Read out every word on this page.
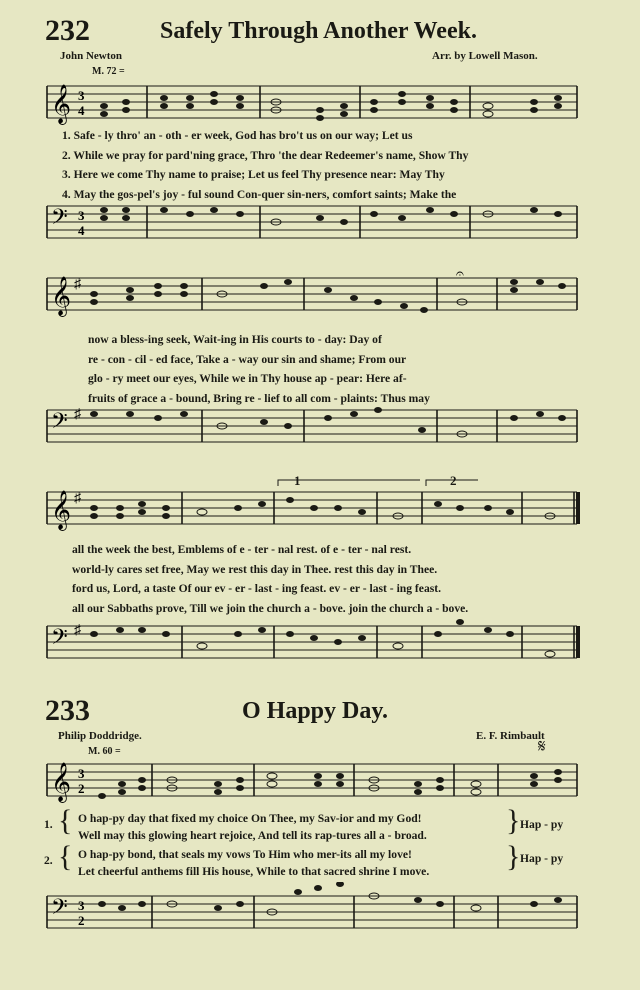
232	Safely Through Another Week.
John Newton	Arr. by Lowell Mason.
M. 72 =
𝄞 3
4
1. Safe - ly thro' an - oth - er week, God has bro't us on our way; Let us
2. While we pray for pard'ning grace, Thro 'the dear Redeemer's name, Show Thy
3. Here we come Thy name to praise; Let us feel Thy presence near: May Thy
4. May the gos-pel's joy - ful sound Con-quer sin-ners, comfort saints; Make the
𝄢 3
4
𝄞 ♯
𝄐
now a bless-ing seek, Wait-ing in His courts to - day: Day of
re - con - cil - ed face, Take a - way our sin and shame; From our
glo - ry meet our eyes, While we in Thy house ap - pear: Here af-
fruits of grace a - bound, Bring re - lief to all com - plaints: Thus may
𝄢 ♯
𝄞 ♯
1	2
all the week the best, Emblems of e - ter - nal rest. of e - ter - nal rest.
world-ly cares set free, May we rest this day in Thee. rest this day in Thee.
ford us, Lord, a taste Of our ev - er - last - ing feast. ev - er - last - ing feast.
all our Sabbaths prove, Till we join the church a - bove. join the church a - bove.
𝄢 ♯
233	O Happy Day.
Philip Doddridge.	E. F. Rimbault
M. 60 =	𝄋
𝄞 3
2
{
1. O hap-py day that fixed my choice On Thee, my Sav-ior and my God!
Well may this glowing heart rejoice, And tell its rap-tures all a - broad.	} Hap - py
{
2. O hap-py bond, that seals my vows To Him who mer-its all my love!
Let cheerful anthems fill His house, While to that sacred shrine I move.	} Hap - py
𝄢 3
2
